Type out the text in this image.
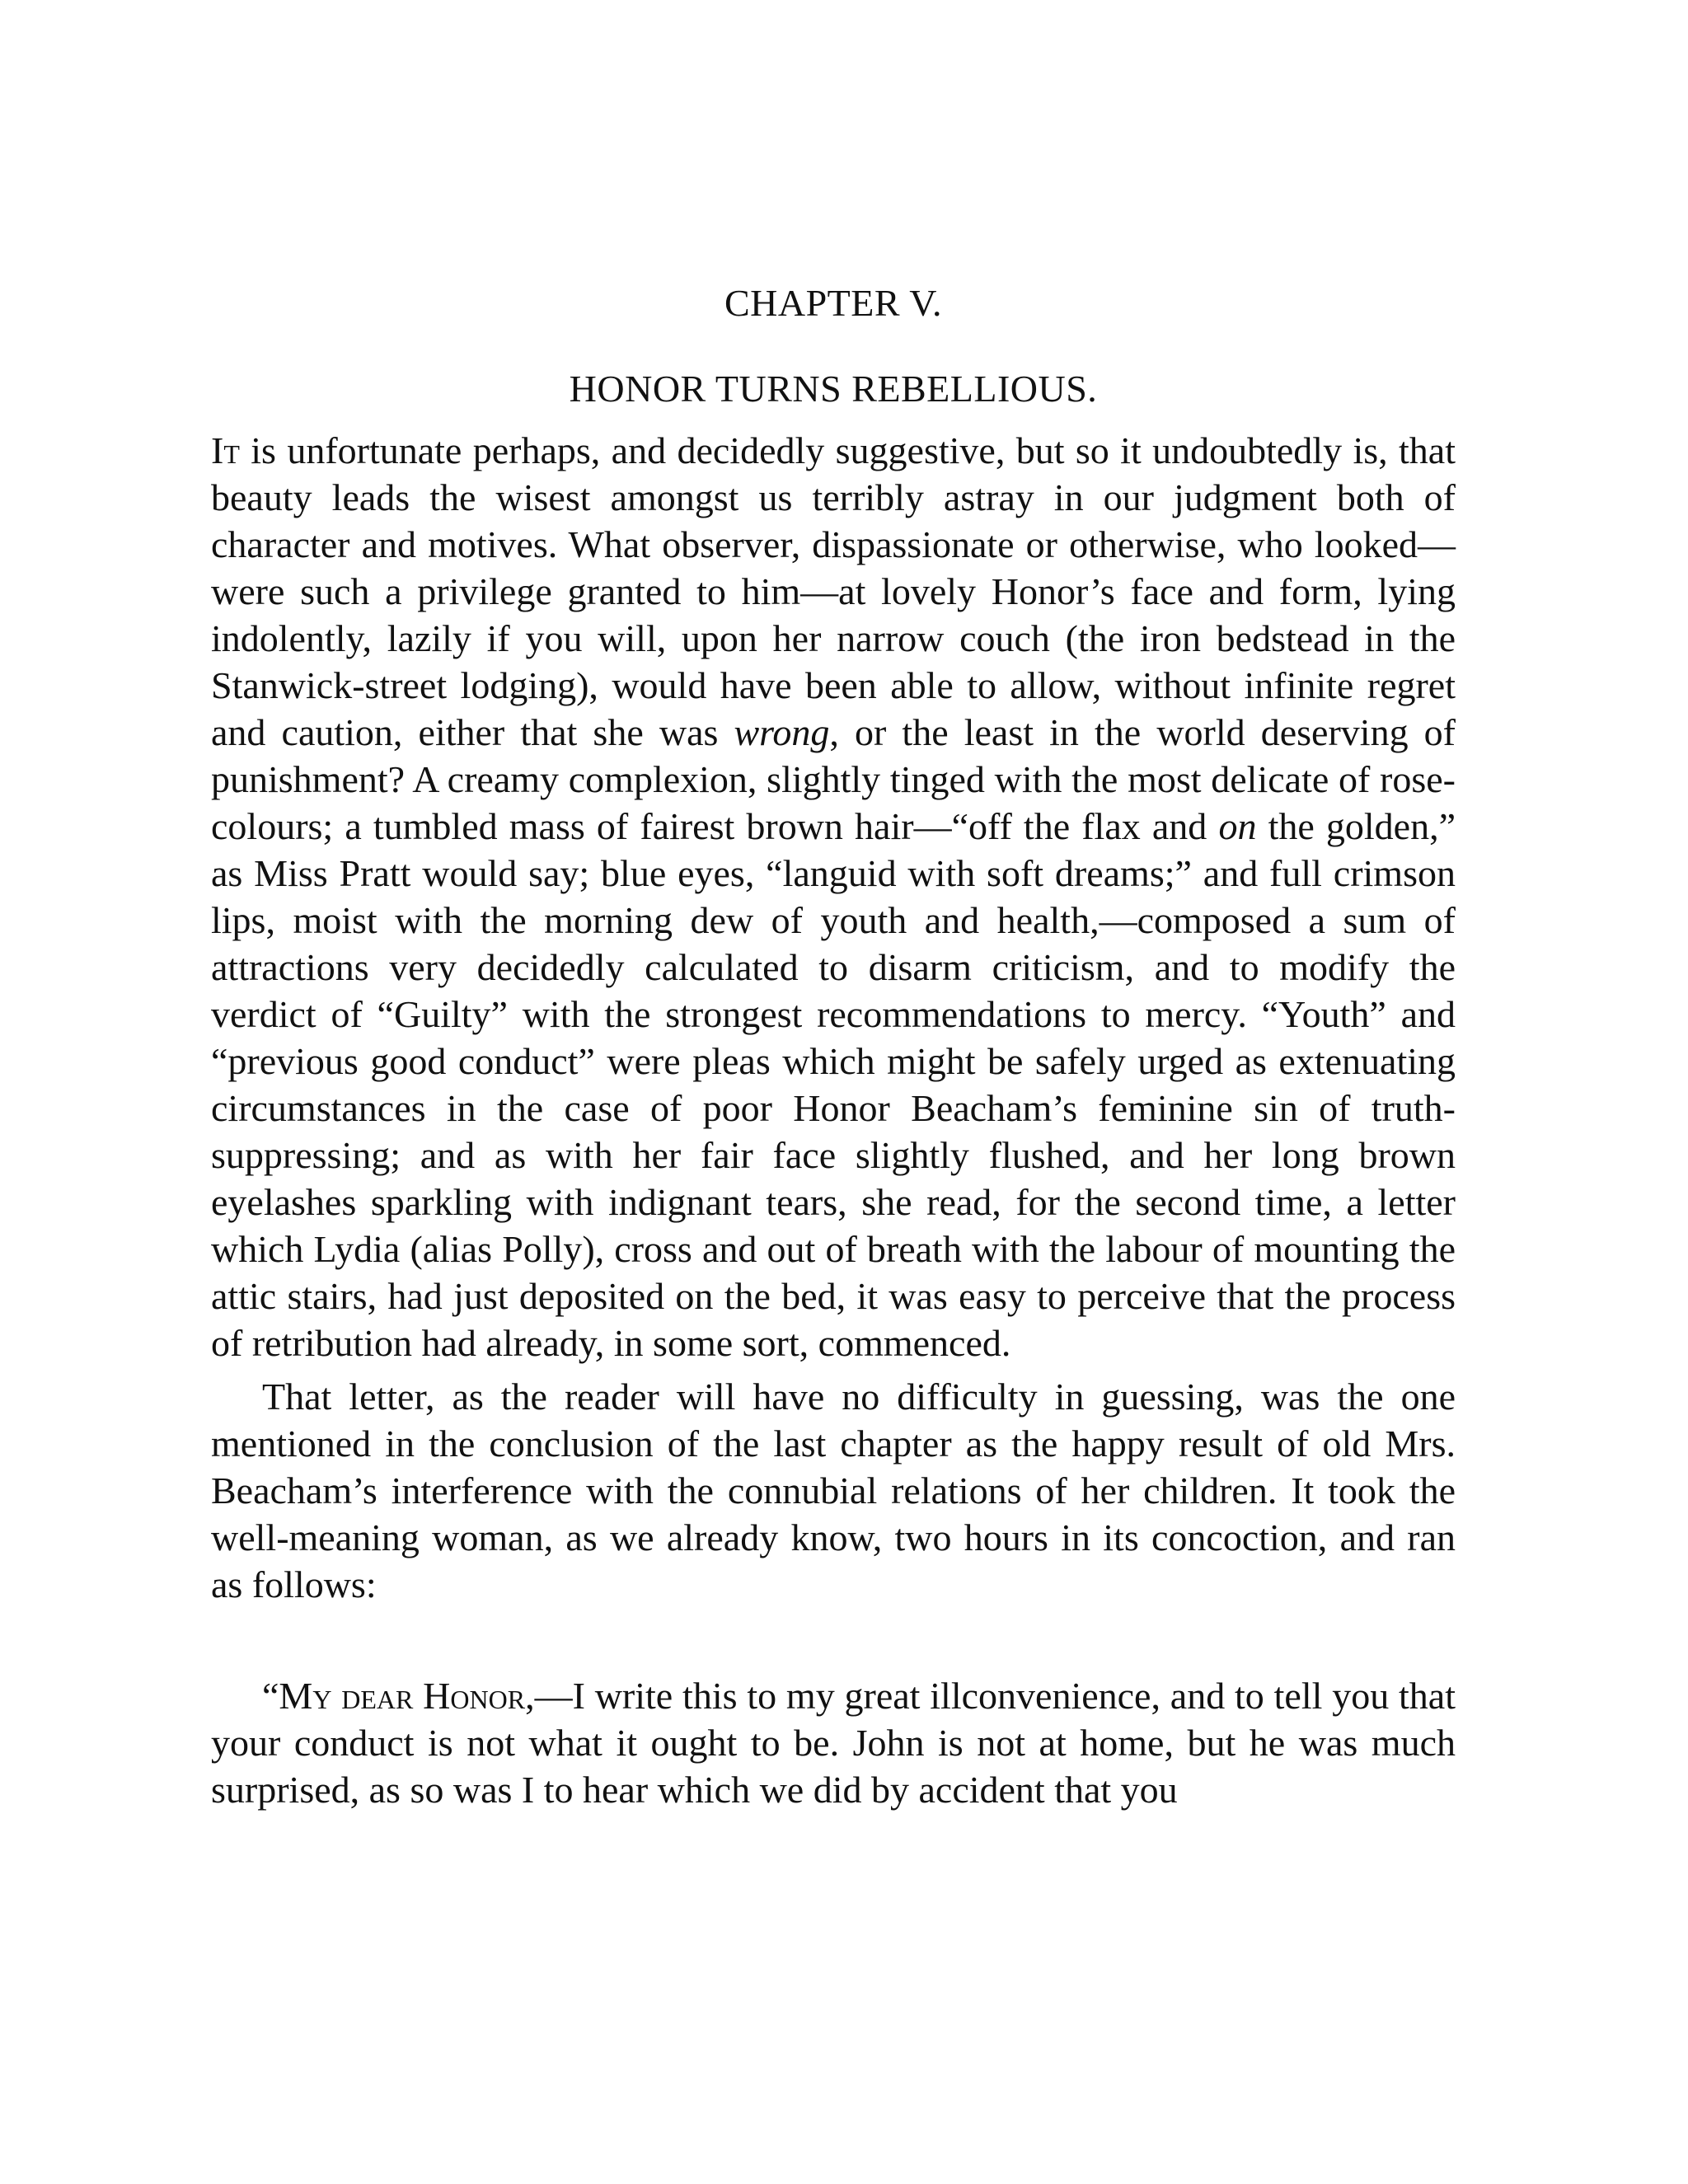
CHAPTER V.
HONOR TURNS REBELLIOUS.

It is unfortunate perhaps, and decidedly suggestive, but so it undoubtedly is, that beauty leads the wisest amongst us terribly astray in our judgment both of character and motives. What observer, dispassionate or otherwise, who looked—were such a privilege granted to him—at lovely Honor’s face and form, lying indolently, lazily if you will, upon her narrow couch (the iron bedstead in the Stanwick-street lodging), would have been able to allow, without infinite regret and caution, either that she was wrong, or the least in the world deserving of punishment? A creamy complexion, slightly tinged with the most delicate of rose-colours; a tumbled mass of fairest brown hair—“off the flax and on the golden,” as Miss Pratt would say; blue eyes, “languid with soft dreams;” and full crimson lips, moist with the morning dew of youth and health,—composed a sum of attractions very decidedly calculated to disarm criticism, and to modify the verdict of “Guilty” with the strongest recommendations to mercy. “Youth” and “previous good conduct” were pleas which might be safely urged as extenuating circumstances in the case of poor Honor Beacham’s feminine sin of truth-suppressing; and as with her fair face slightly flushed, and her long brown eyelashes sparkling with indignant tears, she read, for the second time, a letter which Lydia (alias Polly), cross and out of breath with the labour of mounting the attic stairs, had just deposited on the bed, it was easy to perceive that the process of retribution had already, in some sort, commenced.

That letter, as the reader will have no difficulty in guessing, was the one mentioned in the conclusion of the last chapter as the happy result of old Mrs. Beacham’s interference with the connubial relations of her children. It took the well-meaning woman, as we already know, two hours in its concoction, and ran as follows:

“My dear Honor,—I write this to my great illconvenience, and to tell you that your conduct is not what it ought to be. John is not at home, but he was much surprised, as so was I to hear which we did by accident that you
